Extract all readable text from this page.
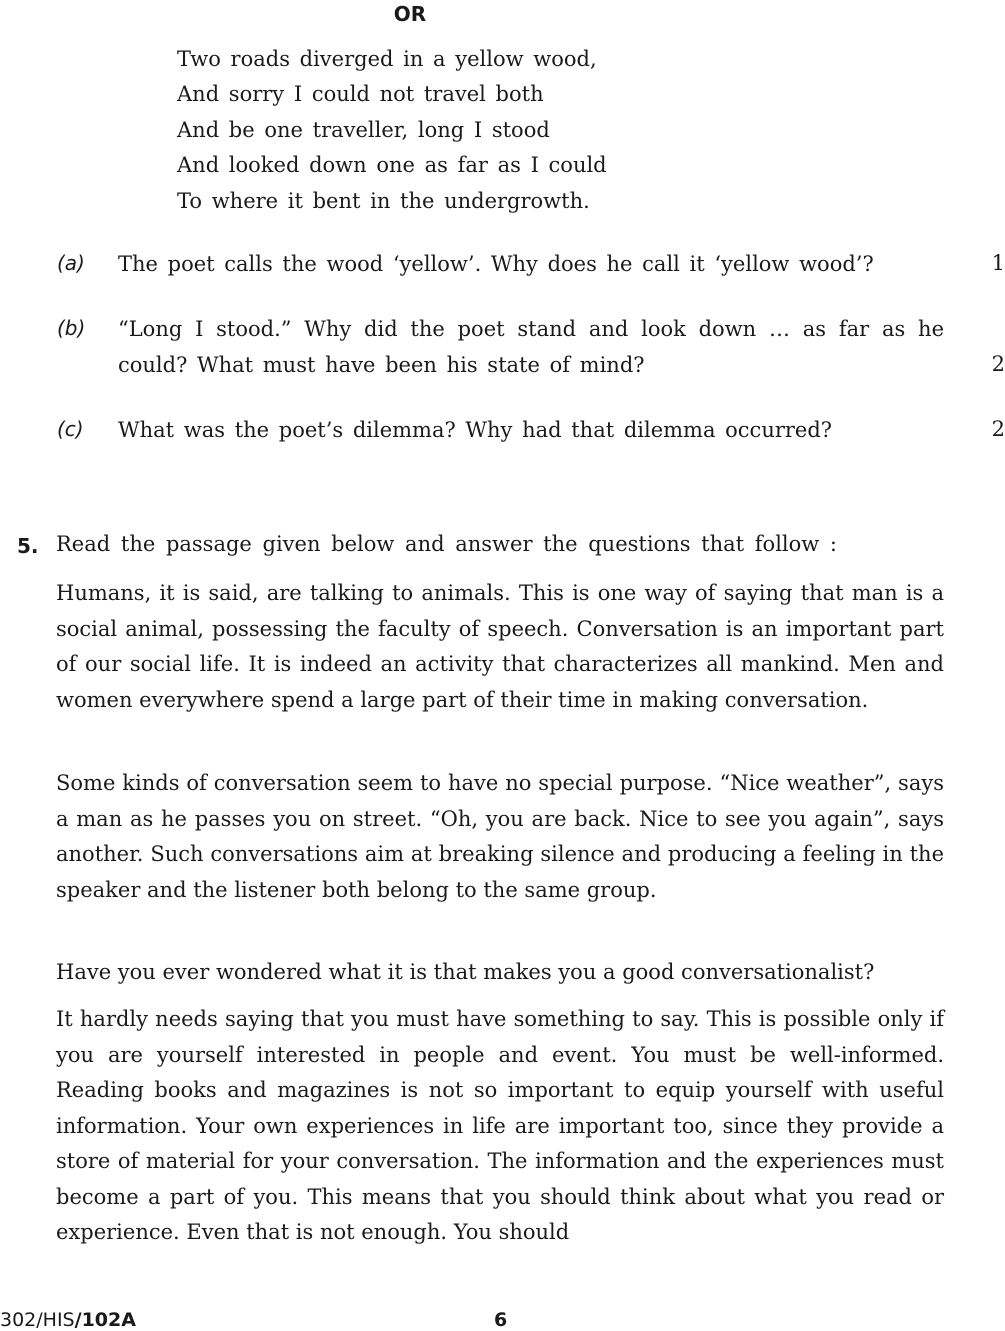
OR
Two roads diverged in a yellow wood,
And sorry I could not travel both
And be one traveller, long I stood
And looked down one as far as I could
To where it bent in the undergrowth.
(a) The poet calls the wood ‘yellow’. Why does he call it ‘yellow wood’?	1
(b) “Long I stood.” Why did the poet stand and look down … as far as he could? What must have been his state of mind?	2
(c) What was the poet’s dilemma? Why had that dilemma occurred?	2
5. Read the passage given below and answer the questions that follow :

Humans, it is said, are talking to animals. This is one way of saying that man is a social animal, possessing the faculty of speech. Conversation is an important part of our social life. It is indeed an activity that characterizes all mankind. Men and women everywhere spend a large part of their time in making conversation.

Some kinds of conversation seem to have no special purpose. “Nice weather”, says a man as he passes you on street. “Oh, you are back. Nice to see you again”, says another. Such conversations aim at breaking silence and producing a feeling in the speaker and the listener both belong to the same group.

Have you ever wondered what it is that makes you a good conversationalist?

It hardly needs saying that you must have something to say. This is possible only if you are yourself interested in people and event. You must be well-informed. Reading books and magazines is not so important to equip yourself with useful information. Your own experiences in life are important too, since they provide a store of material for your conversation. The information and the experiences must become a part of you. This means that you should think about what you read or experience. Even that is not enough. You should

302/HIS/102A	6
